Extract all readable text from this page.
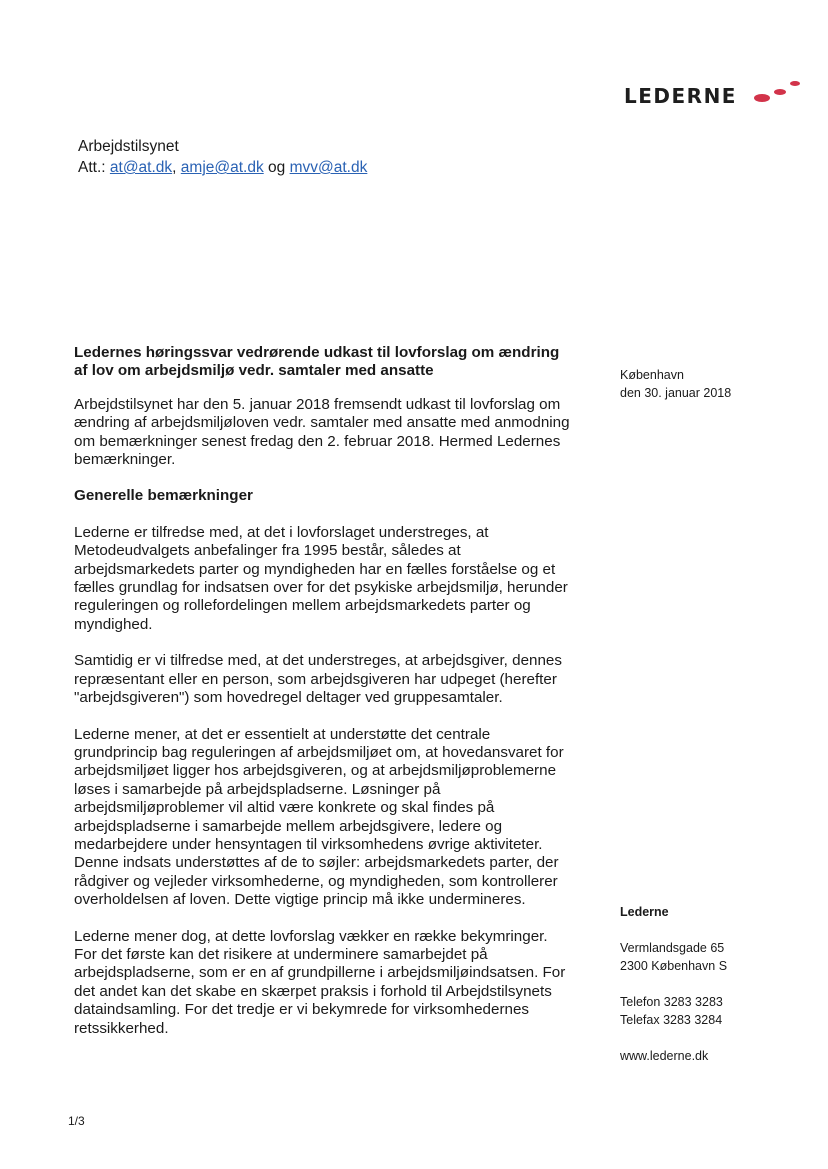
LEDERNE
Arbejdstilsynet
Att.: at@at.dk, amje@at.dk og mvv@at.dk
Ledernes høringssvar vedrørende udkast til lovforslag om ændring af lov om arbejdsmiljø vedr. samtaler med ansatte

Arbejdstilsynet har den 5. januar 2018 fremsendt udkast til lovforslag om ændring af arbejdsmiljøloven vedr. samtaler med ansatte med anmodning om bemærkninger senest fredag den 2. februar 2018. Hermed Ledernes bemærkninger.

Generelle bemærkninger

Lederne er tilfredse med, at det i lovforslaget understreges, at Metodeudvalgets anbefalinger fra 1995 består, således at arbejdsmarkedets parter og myndigheden har en fælles forståelse og et fælles grundlag for indsatsen over for det psykiske arbejdsmiljø, herunder reguleringen og rollefordelingen mellem arbejdsmarkedets parter og myndighed.

Samtidig er vi tilfredse med, at det understreges, at arbejdsgiver, dennes repræsentant eller en person, som arbejdsgiveren har udpeget (herefter "arbejdsgiveren") som hovedregel deltager ved gruppesamtaler.

Lederne mener, at det er essentielt at understøtte det centrale grundprincip bag reguleringen af arbejdsmiljøet om, at hovedansvaret for arbejdsmiljøet ligger hos arbejdsgiveren, og at arbejdsmiljøproblemerne løses i samarbejde på arbejdspladserne. Løsninger på arbejdsmiljøproblemer vil altid være konkrete og skal findes på arbejdspladserne i samarbejde mellem arbejdsgivere, ledere og medarbejdere under hensyntagen til virksomhedens øvrige aktiviteter. Denne indsats understøttes af de to søjler: arbejdsmarkedets parter, der rådgiver og vejleder virksomhederne, og myndigheden, som kontrollerer overholdelsen af loven. Dette vigtige princip må ikke undermineres.

Lederne mener dog, at dette lovforslag vækker en række bekymringer. For det første kan det risikere at underminere samarbejdet på arbejdspladserne, som er en af grundpillerne i arbejdsmiljøindsatsen. For det andet kan det skabe en skærpet praksis i forhold til Arbejdstilsynets dataindsamling. For det tredje er vi bekymrede for virksomhedernes retssikkerhed.

København
den 30. januar 2018
Lederne
Vermlandsgade 65
2300 København S
Telefon 3283 3283
Telefax 3283 3284
www.lederne.dk
1/3
